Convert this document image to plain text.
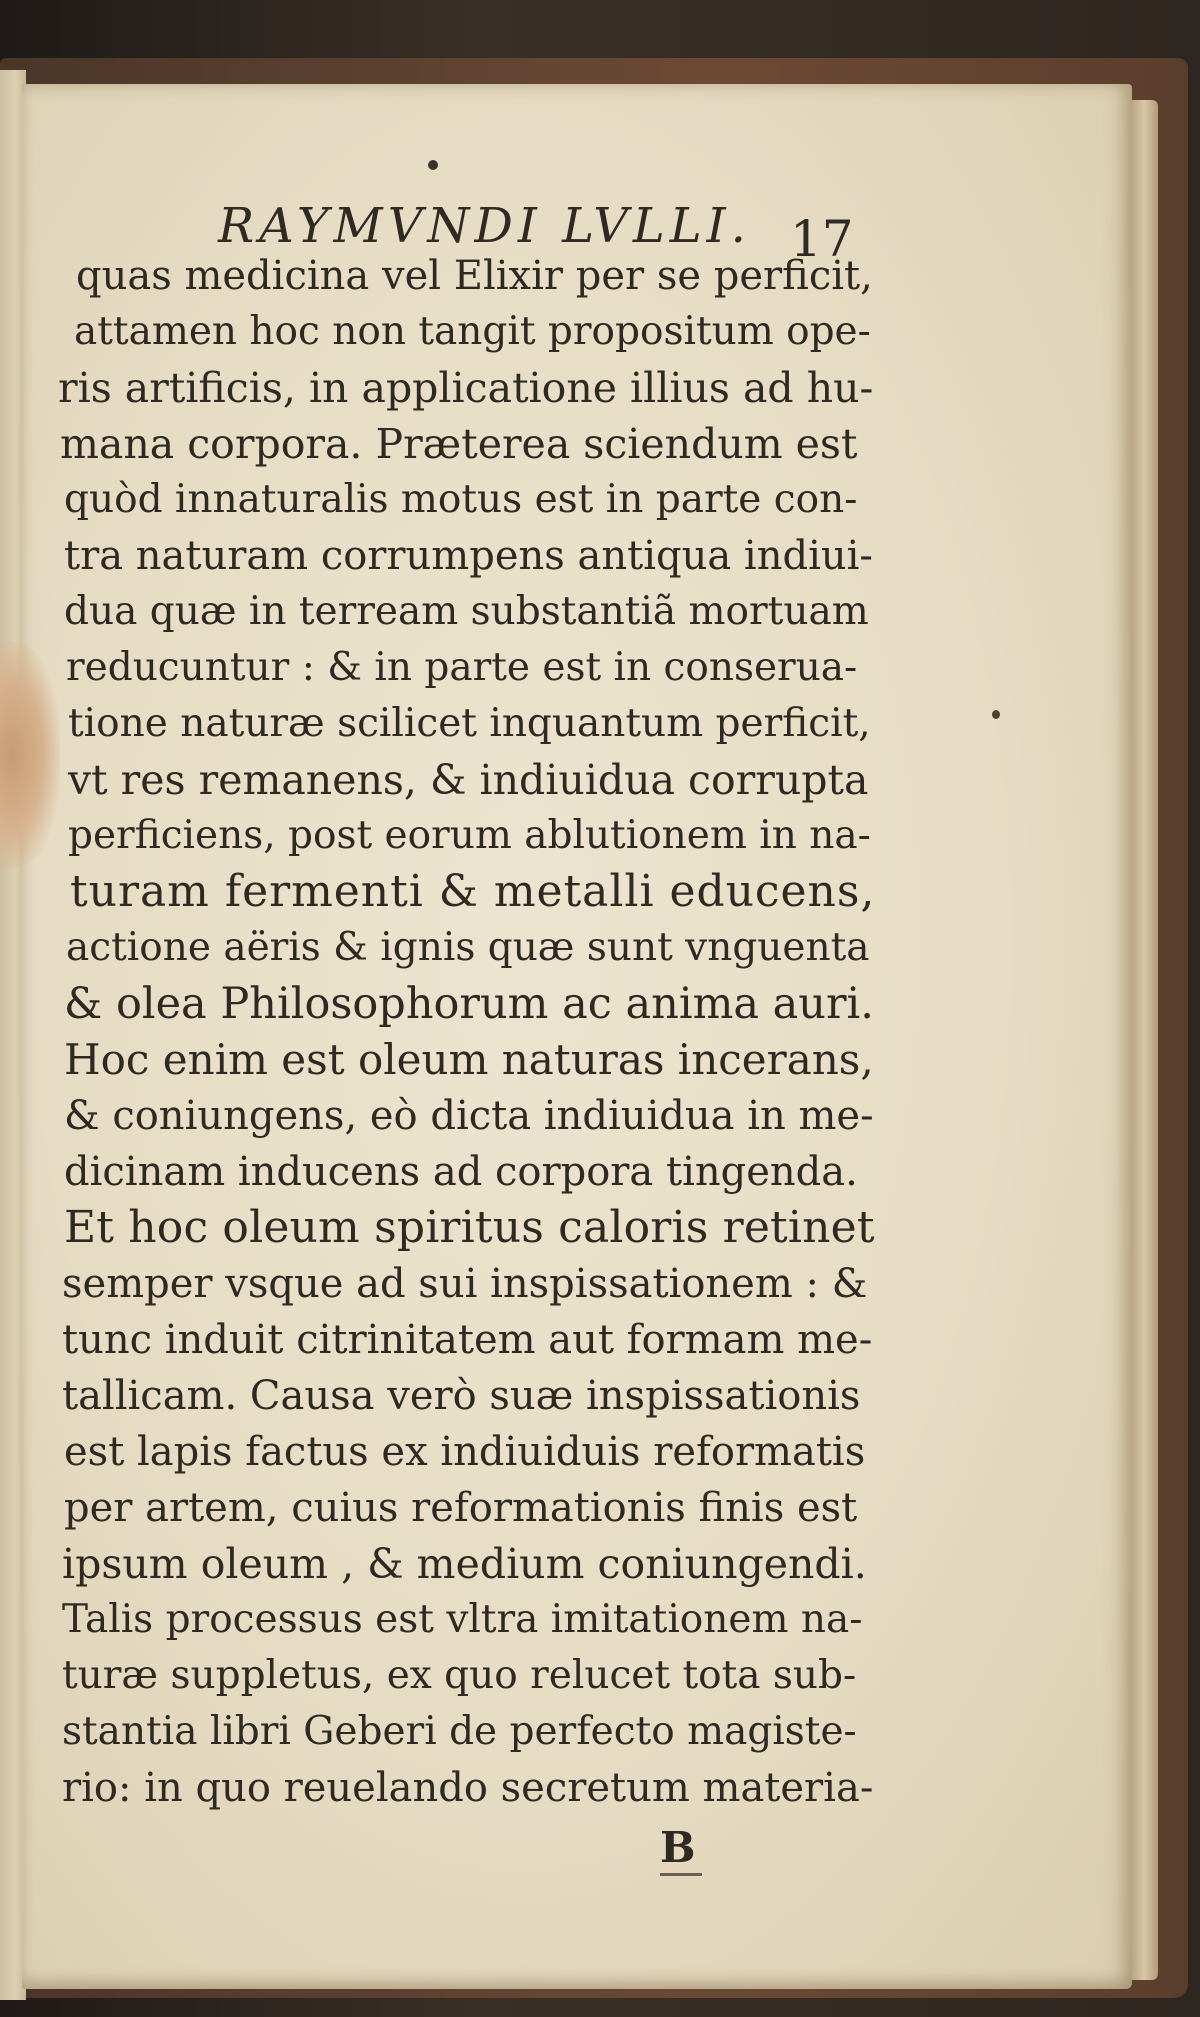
RAYMVNDI LVLLI. 17
quas medicina vel Elixir per se perficit,
attamen hoc non tangit propositum ope-
ris artificis, in applicatione illius ad hu-
mana corpora. Præterea sciendum est
quòd innaturalis motus est in parte con-
tra naturam corrumpens antiqua indiui-
dua quæ in terream substantiã mortuam
reducuntur : & in parte est in conserua-
tione naturæ scilicet inquantum perficit,
vt res remanens, & indiuidua corrupta
perficiens, post eorum ablutionem in na-
turam fermenti & metalli educens,
actione aëris & ignis quæ sunt vnguenta
& olea Philosophorum ac anima auri.
Hoc enim est oleum naturas incerans,
& coniungens, eò dicta indiuidua in me-
dicinam inducens ad corpora tingenda.
Et hoc oleum spiritus caloris retinet
semper vsque ad sui inspissationem : &
tunc induit citrinitatem aut formam me-
tallicam. Causa verò suæ inspissationis
est lapis factus ex indiuiduis reformatis
per artem, cuius reformationis finis est
ipsum oleum , & medium coniungendi.
Talis processus est vltra imitationem na-
turæ suppletus, ex quo relucet tota sub-
stantia libri Geberi de perfecto magiste-
rio: in quo reuelando secretum materia-
B
